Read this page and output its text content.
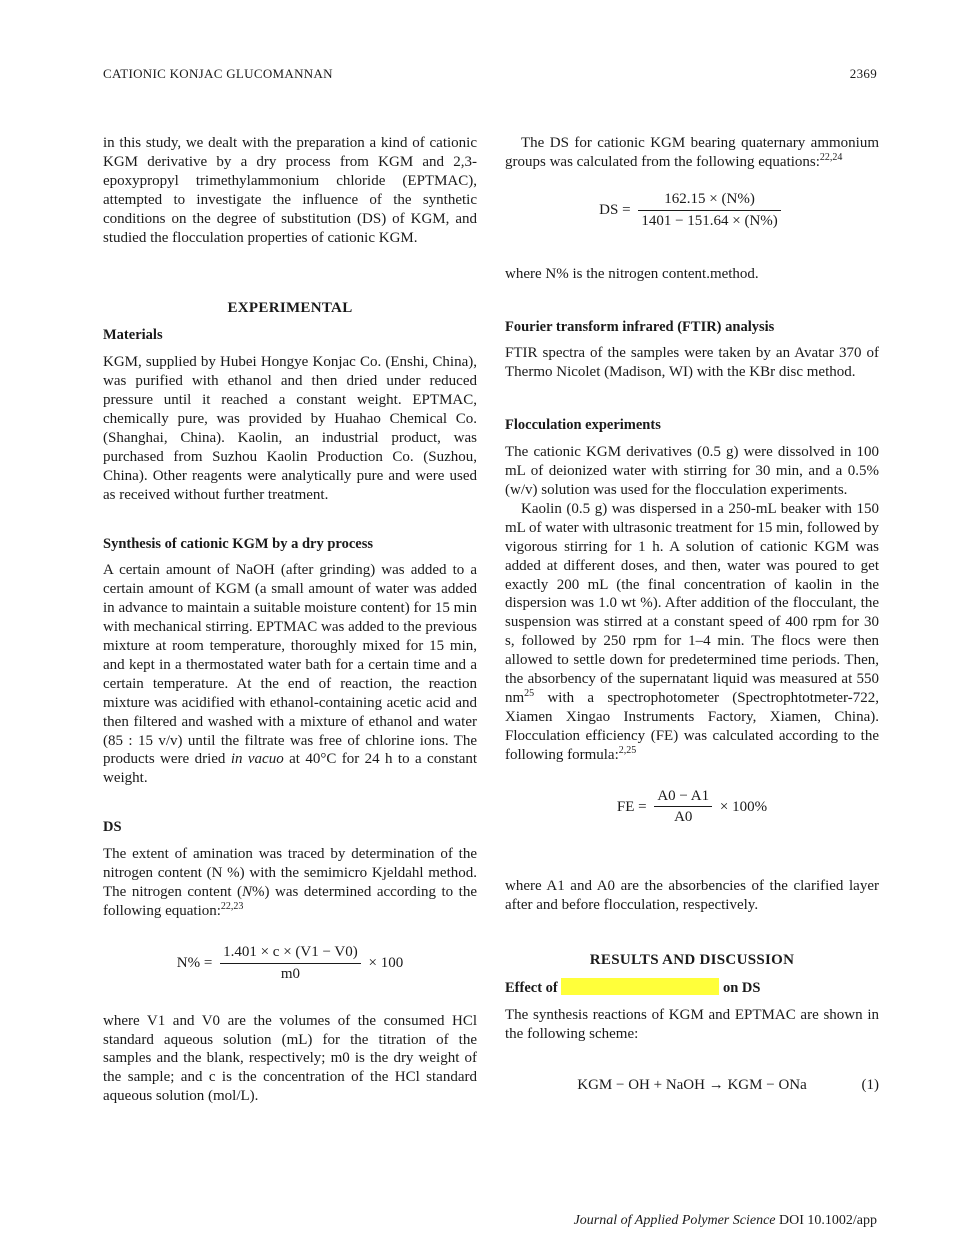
CATIONIC KONJAC GLUCOMANNAN	2369

in this study, we dealt with the preparation a kind of cationic KGM derivative by a dry process from KGM and 2,3-epoxypropyl trimethylammonium chloride (EPTMAC), attempted to investigate the influence of the synthetic conditions on the degree of substitution (DS) of KGM, and studied the flocculation properties of cationic KGM.

EXPERIMENTAL
Materials

KGM, supplied by Hubei Hongye Konjac Co. (Enshi, China), was purified with ethanol and then dried under reduced pressure until it reached a constant weight. EPTMAC, chemically pure, was provided by Huahao Chemical Co. (Shanghai, China). Kaolin, an industrial product, was purchased from Suzhou Kaolin Production Co. (Suzhou, China). Other reagents were analytically pure and were used as received without further treatment.

Synthesis of cationic KGM by a dry process

A certain amount of NaOH (after grinding) was added to a certain amount of KGM (a small amount of water was added in advance to maintain a suitable moisture content) for 15 min with mechanical stirring. EPTMAC was added to the previous mixture at room temperature, thoroughly mixed for 15 min, and kept in a thermostated water bath for a certain time and a certain temperature. At the end of reaction, the reaction mixture was acidified with ethanol-containing acetic acid and then filtered and washed with a mixture of ethanol and water (85 : 15 v/v) until the filtrate was free of chlorine ions. The products were dried in vacuo at 40°C for 24 h to a constant weight.

DS

The extent of amination was traced by determination of the nitrogen content (N %) with the semimicro Kjeldahl method. The nitrogen content (N%) was determined according to the following equation:$^{22,23}$

$N\% = \frac{1.401 \times c \times (V1 - V0)}{m0} \times 100$

where V1 and V0 are the volumes of the consumed HCl standard aqueous solution (mL) for the titration of the samples and the blank, respectively; m0 is the dry weight of the sample; and c is the concentration of the HCl standard aqueous solution (mol/L).

The DS for cationic KGM bearing quaternary ammonium groups was calculated from the following equations:$^{22,24}$

DS = $\frac{162.15 \times (N\%)}{1401 - 151.64 \times (N\%)}$

where N% is the nitrogen content.method.

Fourier transform infrared (FTIR) analysis

FTIR spectra of the samples were taken by an Avatar 370 of Thermo Nicolet (Madison, WI) with the KBr disc method.

Flocculation experiments

The cationic KGM derivatives (0.5 g) were dissolved in 100 mL of deionized water with stirring for 30 min, and a 0.5% (w/v) solution was used for the flocculation experiments.

Kaolin (0.5 g) was dispersed in a 250-mL beaker with 150 mL of water with ultrasonic treatment for 15 min, followed by vigorous stirring for 1 h. A solution of cationic KGM was added at different doses, and then, water was poured to get exactly 200 mL (the final concentration of kaolin in the dispersion was 1.0 wt %). After addition of the flocculant, the suspension was stirred at a constant speed of 400 rpm for 30 s, followed by 250 rpm for 1–4 min. The flocs were then allowed to settle down for predetermined time periods. Then, the absorbency of the supernatant liquid was measured at 550 $nm^{25}$ with a spectrophotometer (Spectrophtotmeter-722, Xiamen Xingao Instruments Factory, Xiamen, China). Flocculation efficiency (FE) was calculated according to the following formula:$^{2,25}$

FE = $\frac{A0 - A1}{A0} \times 100\%$

where A1 and A0 are the absorbencies of the clarified layer after and before flocculation, respectively.

RESULTS AND DISCUSSION
Effect of	on DS

The synthesis reactions of KGM and EPTMAC are shown in the following scheme:

KGM − OH + NaOH → KGM − ONa	(1)
Journal of Applied Polymer Science DOI 10.1002/app
